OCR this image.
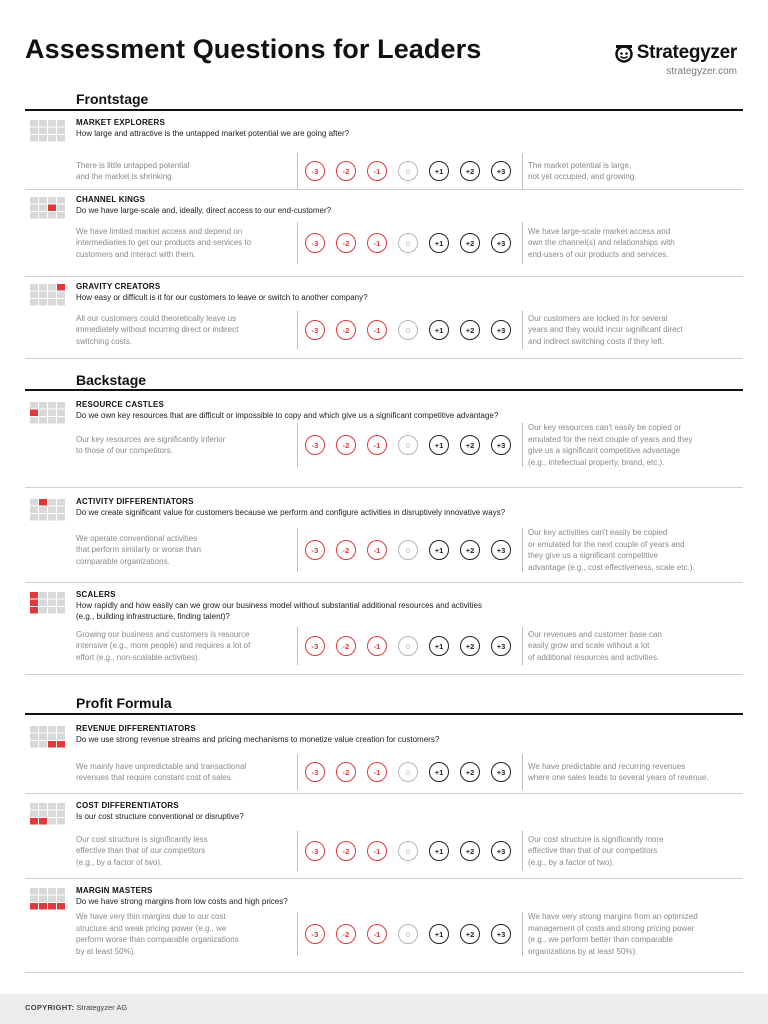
Assessment Questions for Leaders	Strategyzer
strategyzer.com
Frontstage
MARKET EXPLORERS
How large and attractive is the untapped market potential we are going after?
There is little untapped potential
and the market is shrinking.
-3	-2	-1	0	+1	+2	+3
The market potential is large,
not yet occupied, and growing.
CHANNEL KINGS
Do we have large-scale and, ideally, direct access to our end-customer?
We have limited market access and depend on
intermediaries to get our products and services to
customers and interact with them.
-3	-2	-1	0	+1	+2	+3
We have large-scale market access and
own the channel(s) and relationships with
end-users of our products and services.
GRAVITY CREATORS
How easy or difficult is it for our customers to leave or switch to another company?
All our customers could theoretically leave us
immediately without incurring direct or indirect
switching costs.
-3	-2	-1	0	+1	+2	+3
Our customers are locked in for several
years and they would incur significant direct
and indirect switching costs if they left.
Backstage
RESOURCE CASTLES
Do we own key resources that are difficult or impossible to copy and which give us a significant competitive advantage?
Our key resources are significantly inferior
to those of our competitors.
-3	-2	-1	0	+1	+2	+3
Our key resources can't easily be copied or
emulated for the next couple of years and they
give us a significant competitive advantage
(e.g., intellectual property, brand, etc.).
ACTIVITY DIFFERENTIATORS
Do we create significant value for customers because we perform and configure activities in disruptively innovative ways?
We operate conventional activities
that perform similarly or worse than
comparable organizations.
-3	-2	-1	0	+1	+2	+3
Our key activities can't easily be copied
or emulated for the next couple of years and
they give us a significant competitive
advantage (e.g., cost effectiveness, scale etc.).
SCALERS
How rapidly and how easily can we grow our business model without substantial additional resources and activities
(e.g., building infrastructure, finding talent)?
Growing our business and customers is resource
intensive (e.g., more people) and requires a lot of
effort (e.g., non-scalable activities).
-3	-2	-1	0	+1	+2	+3
Our revenues and customer base can
easily grow and scale without a lot
of additional resources and activities.
Profit Formula
REVENUE DIFFERENTIATORS
Do we use strong revenue streams and pricing mechanisms to monetize value creation for customers?
We mainly have unpredictable and transactional
revenues that require constant cost of sales.
-3	-2	-1	0	+1	+2	+3
We have predictable and recurring revenues
where one sales leads to several years of revenue.
COST DIFFERENTIATORS
Is our cost structure conventional or disruptive?
Our cost structure is significantly less
effective than that of our competitors
(e.g., by a factor of two).
-3	-2	-1	0	+1	+2	+3
Our cost structure is significantly more
effective than that of our competitors
(e.g., by a factor of two).
MARGIN MASTERS
Do we have strong margins from low costs and high prices?
We have very thin margins due to our cost
structure and weak pricing power (e.g., we
perform worse than comparable organizations
by at least 50%).
-3	-2	-1	0	+1	+2	+3
We have very strong margins from an optimized
management of costs and strong pricing power
(e.g., we perform better than comparable
organizations by at least 50%).
COPYRIGHT: Strategyzer AG
